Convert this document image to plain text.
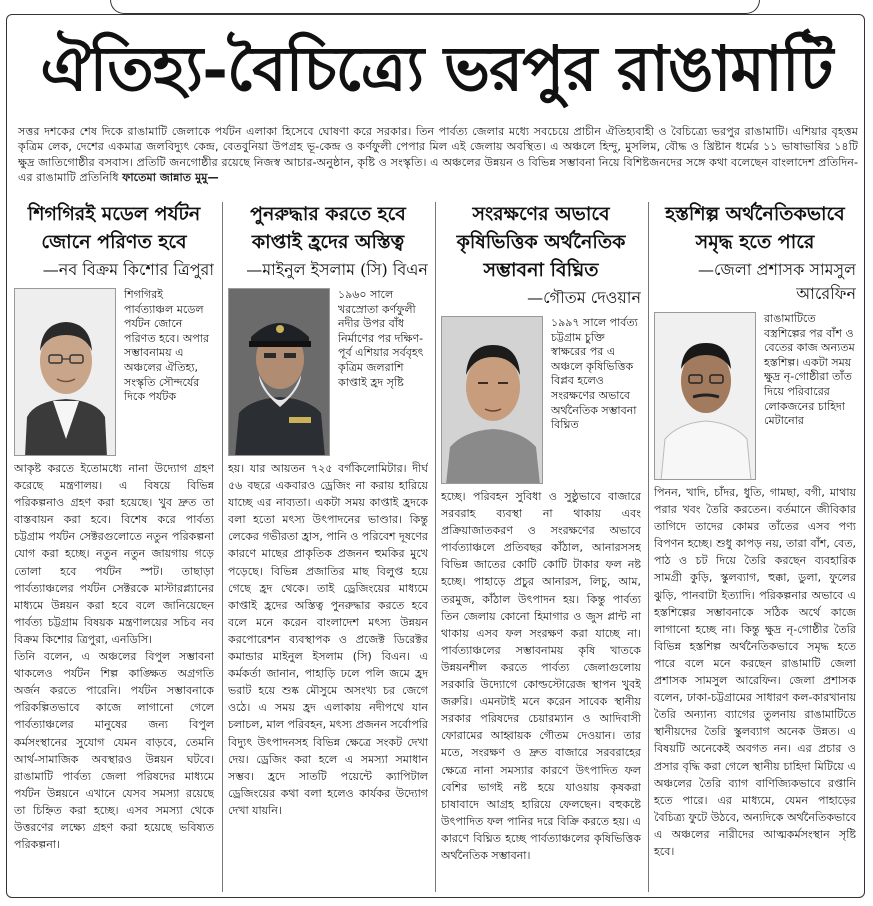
ঐতিহ্য-বৈচিত্র্যে ভরপুর রাঙামাটি
সত্তর দশকের শেষ দিকে রাঙামাটি জেলাকে পর্যটন এলাকা হিসেবে ঘোষণা করে সরকার। তিন পার্বত্য জেলার মধ্যে সবচেয়ে প্রাচীন ঐতিহ্যবাহী ও বৈচিত্র্যে ভরপুর রাঙামাটি। এশিয়ার বৃহত্তম কৃত্রিম লেক, দেশের একমাত্র জলবিদ্যুৎ কেন্দ্র, বেতবুনিয়া উপগ্রহ ভূ-কেন্দ্র ও কর্ণফুলী পেপার মিল এই জেলায় অবস্থিত। এ অঞ্চলে হিন্দু, মুসলিম, বৌদ্ধ ও খ্রিষ্টান ধর্মের ১১ ভাষাভাষির ১৪টি ক্ষুদ্র জাতিগোষ্ঠীর বসবাস। প্রতিটি জনগোষ্ঠীর রয়েছে নিজস্ব আচার-অনুষ্ঠান, কৃষ্টি ও সংস্কৃতি। এ অঞ্চলের উন্নয়ন ও বিভিন্ন সম্ভাবনা নিয়ে বিশিষ্টজনদের সঙ্গে কথা বলেছেন বাংলাদেশ প্রতিদিন-এর রাঙামাটি প্রতিনিধি ফাতেমা জান্নাত মুমু—
শিগগিরই মডেল পর্যটন জোনে পরিণত হবে
—নব বিক্রম কিশোর ত্রিপুরা
শিগগিরই পার্বত্যাঞ্চল মডেল পর্যটন জোনে পরিণত হবে। অপার সম্ভাবনাময় এ অঞ্চলের ঐতিহ্য, সংস্কৃতি সৌন্দর্যের দিকে পর্যটক
আকৃষ্ট করতে ইতোমধ্যে নানা উদ্যোগ গ্রহণ করেছে মন্ত্রণালয়। এ বিষয়ে বিভিন্ন পরিকল্পনাও গ্রহণ করা হয়েছে। খুব দ্রুত তা বাস্তবায়ন করা হবে। বিশেষ করে পার্বত্য চট্টগ্রাম পর্যটন সেক্টরগুলোতে নতুন পরিকল্পনা যোগ করা হচ্ছে। নতুন নতুন জায়গায় গড়ে তোলা হবে পর্যটন স্পট। তাছাড়া পার্বত্যাঞ্চলের পর্যটন সেক্টরকে মাস্টারপ্ল্যানের মাধ্যমে উন্নয়ন করা হবে বলে জানিয়েছেন পার্বত্য চট্টগ্রাম বিষয়ক মন্ত্রণালয়ের সচিব নব বিক্রম কিশোর ত্রিপুরা, এনডিসি।
তিনি বলেন, এ অঞ্চলের বিপুল সম্ভাবনা থাকলেও পর্যটন শিল্প কাঙ্ক্ষিত অগ্রগতি অর্জন করতে পারেনি। পর্যটন সম্ভাবনাকে পরিকল্পিতভাবে কাজে লাগানো গেলে পার্বত্যাঞ্চলের মানুষের জন্য বিপুল কর্মসংস্থানের সুযোগ যেমন বাড়বে, তেমনি আর্থ-সামাজিক অবস্থারও উন্নয়ন ঘটবে। রাঙামাটি পার্বত্য জেলা পরিষদের মাধ্যমে পর্যটন উন্নয়নে এখানে যেসব সমস্যা রয়েছে তা চিহ্নিত করা হচ্ছে। এসব সমস্যা থেকে উত্তরণের লক্ষ্যে গ্রহণ করা হয়েছে ভবিষ্যত পরিকল্পনা।
পুনরুদ্ধার করতে হবে কাপ্তাই হ্রদের অস্তিত্ব
—মাইনুল ইসলাম (সি) বিএন
১৯৬০ সালে খরস্রোতা কর্ণফুলী নদীর উপর বাঁধ নির্মাণের পর দক্ষিণ-পূর্ব এশিয়ার সর্ববৃহৎ কৃত্রিম জলরাশি কাপ্তাই হ্রদ সৃষ্টি
হয়। যার আয়তন ৭২৫ বর্গকিলোমিটার। দীর্ঘ ৫৬ বছরে একবারও ড্রেজিং না করায় হারিয়ে যাচ্ছে এর নাব্যতা। একটা সময় কাপ্তাই হ্রদকে বলা হতো মৎস্য উৎপাদনের ভাণ্ডার। কিন্তু লেকের গভীরতা হ্রাস, পানি ও পরিবেশ দূষণের কারণে মাছের প্রাকৃতিক প্রজনন হুমকির মুখে পড়েছে। বিভিন্ন প্রজাতির মাছ বিলুপ্ত হয়ে গেছে হ্রদ থেকে। তাই ড্রেজিংয়ের মাধ্যমে কাপ্তাই হ্রদের অস্তিত্ব পুনরুদ্ধার করতে হবে বলে মনে করেন বাংলাদেশ মৎস্য উন্নয়ন করপোরেশন ব্যবস্থাপক ও প্রজেক্ট ডিরেক্টর কমান্ডার মাইনুল ইসলাম (সি) বিএন। এ কর্মকর্তা জানান, পাহাড়ি ঢলে পলি জমে হ্রদ ভরাট হয়ে শুষ্ক মৌসুমে অসংখ্য চর জেগে ওঠে। এ সময় হ্রদ এলাকায় নদীপথে যান চলাচল, মাল পরিবহন, মৎস্য প্রজনন সর্বোপরি বিদ্যুৎ উৎপাদনসহ বিভিন্ন ক্ষেত্রে সংকট দেখা দেয়। ড্রেজিং করা হলে এ সমস্যা সমাধান সম্ভব। হ্রদে সাতটি পয়েন্টে ক্যাপিটাল ড্রেজিংয়ের কথা বলা হলেও কার্যকর উদ্যোগ দেখা যায়নি।
সংরক্ষণের অভাবে কৃষিভিত্তিক অর্থনৈতিক সম্ভাবনা বিঘ্নিত
—গৌতম দেওয়ান
১৯৯৭ সালে পার্বত্য চট্টগ্রাম চুক্তি স্বাক্ষরের পর এ অঞ্চলে কৃষিভিত্তিক বিপ্লব হলেও সংরক্ষণের অভাবে অর্থনৈতিক সম্ভাবনা বিঘ্নিত
হচ্ছে। পরিবহন সুবিধা ও সুষ্ঠুভাবে বাজারে সরবরাহ ব্যবস্থা না থাকায় এবং প্রক্রিয়াজাতকরণ ও সংরক্ষণের অভাবে পার্বত্যাঞ্চলে প্রতিবছর কাঁঠাল, আনারসসহ বিভিন্ন জাতের কোটি কোটি টাকার ফল নষ্ট হচ্ছে। পাহাড়ে প্রচুর আনারস, লিচু, আম, তরমুজ, কাঁঠাল উৎপাদন হয়। কিন্তু পার্বত্য তিন জেলায় কোনো হিমাগার ও জুস প্লান্ট না থাকায় এসব ফল সংরক্ষণ করা যাচ্ছে না। পার্বত্যাঞ্চলের সম্ভাবনাময় কৃষি খাতকে উন্নয়নশীল করতে পার্বত্য জেলাগুলোয় সরকারি উদ্যোগে কোল্ডস্টোরেজ স্থাপন খুবই জরুরি। এমনটাই মনে করেন সাবেক স্থানীয় সরকার পরিষদের চেয়ারম্যান ও আদিবাসী ফোরামের আহ্বায়ক গৌতম দেওয়ান। তার মতে, সংরক্ষণ ও দ্রুত বাজারে সরবরাহের ক্ষেত্রে নানা সমস্যার কারণে উৎপাদিত ফল বেশির ভাগই নষ্ট হয়ে যাওয়ায় কৃষকরা চাষাবাদে আগ্রহ হারিয়ে ফেলছেন। বহুকষ্টে উৎপাদিত ফল পানির দরে বিক্রি করতে হয়। এ কারণে বিঘ্নিত হচ্ছে পার্বত্যাঞ্চলের কৃষিভিত্তিক অর্থনৈতিক সম্ভাবনা।
হস্তশিল্প অর্থনৈতিকভাবে সমৃদ্ধ হতে পারে
—জেলা প্রশাসক সামসুল আরেফিন
রাঙামাটিতে বস্ত্রশিল্পের পর বাঁশ ও বেতের কাজ অন্যতম হস্তশিল্প। একটা সময় ক্ষুদ্র নৃ-গোষ্ঠীরা তাঁত দিয়ে পরিবারের লোকজনের চাহিদা মেটানোর
পিনন, খাদি, চাঁদর, ধুতি, গামছা, বগী, মাথায় পরার খবং তৈরি করতেন। বর্তমানে জীবিকার তাগিদে তাদের কোমর তাঁতের এসব পণ্য বিপণন হচ্ছে। শুধু কাপড় নয়, তারা বাঁশ, বেত, পাঠ ও চট দিয়ে তৈরি করছেন ব্যবহারিক সামগ্রী কুড়ি, স্কুলব্যাগ, হুক্কা, ডুলা, ফুলের ঝুড়ি, পানবাটা ইত্যাদি। পরিকল্পনার অভাবে এ হস্তশিল্পের সম্ভাবনাকে সঠিক অর্থে কাজে লাগানো হচ্ছে না। কিন্তু ক্ষুদ্র নৃ-গোষ্ঠীর তৈরি বিভিন্ন হস্তশিল্প অর্থনৈতিকভাবে সমৃদ্ধ হতে পারে বলে মনে করছেন রাঙামাটি জেলা প্রশাসক সামসুল আরেফিন। জেলা প্রশাসক বলেন, ঢাকা-চট্টগ্রামের সাধারণ কল-কারখানায় তৈরি অন্যান্য ব্যাগের তুলনায় রাঙামাটিতে স্থানীয়দের তৈরি স্কুলব্যাগ অনেক উন্নত। এ বিষয়টি অনেকেই অবগত নন। এর প্রচার ও প্রসার বৃদ্ধি করা গেলে স্থানীয় চাহিদা মিটিয়ে এ অঞ্চলের তৈরি ব্যাগ বাণিজ্যিকভাবে রপ্তানি হতে পারে। এর মাধ্যমে, যেমন পাহাড়ের বৈচিত্র্য ফুটে উঠবে, অন্যদিকে অর্থনৈতিকভাবে এ অঞ্চলের নারীদের আত্মকর্মসংস্থান সৃষ্টি হবে।
